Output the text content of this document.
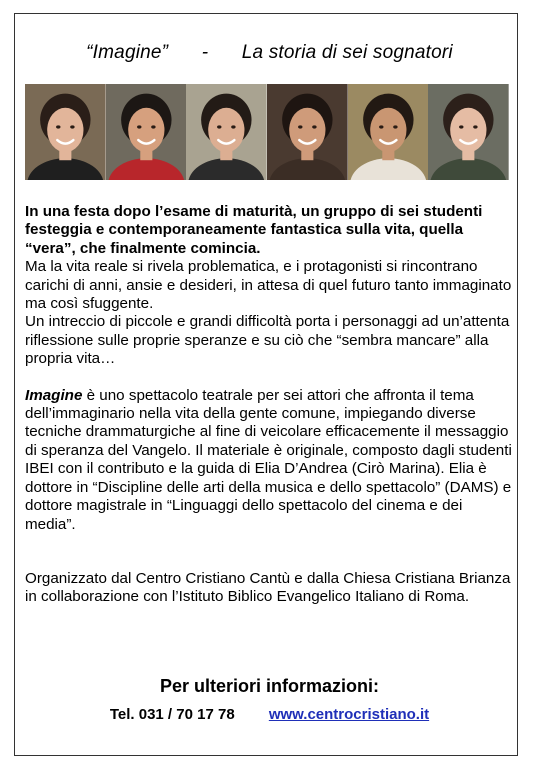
“Imagine” - La storia di sei sognatori

In una festa dopo l’esame di maturità, un gruppo di sei studenti festeggia e contemporaneamente fantastica sulla vita, quella “vera”, che finalmente comincia.
Ma la vita reale si rivela problematica, e i protagonisti si rincontrano carichi di anni, ansie e desideri, in attesa di quel futuro tanto immaginato ma così sfuggente.
Un intreccio di piccole e grandi difficoltà porta i personaggi ad un’attenta riflessione sulle proprie speranze e su ciò che “sembra mancare” alla propria vita…

Imagine è uno spettacolo teatrale per sei attori che affronta il tema dell’immaginario nella vita della gente comune, impiegando diverse tecniche drammaturgiche al fine di veicolare efficacemente il messaggio di speranza del Vangelo. Il materiale è originale, composto dagli studenti IBEI con il contributo e la guida di Elia D’Andrea (Cirò Marina). Elia è dottore in “Discipline delle arti della musica e dello spettacolo” (DAMS) e dottore magistrale in “Linguaggi dello spettacolo del cinema e dei media”.

Organizzato dal Centro Cristiano Cantù e dalla Chiesa Cristiana Brianza in collaborazione con l’Istituto Biblico Evangelico Italiano di Roma.

Per ulteriori informazioni:
Tel. 031 / 70 17 78 www.centrocristiano.it
